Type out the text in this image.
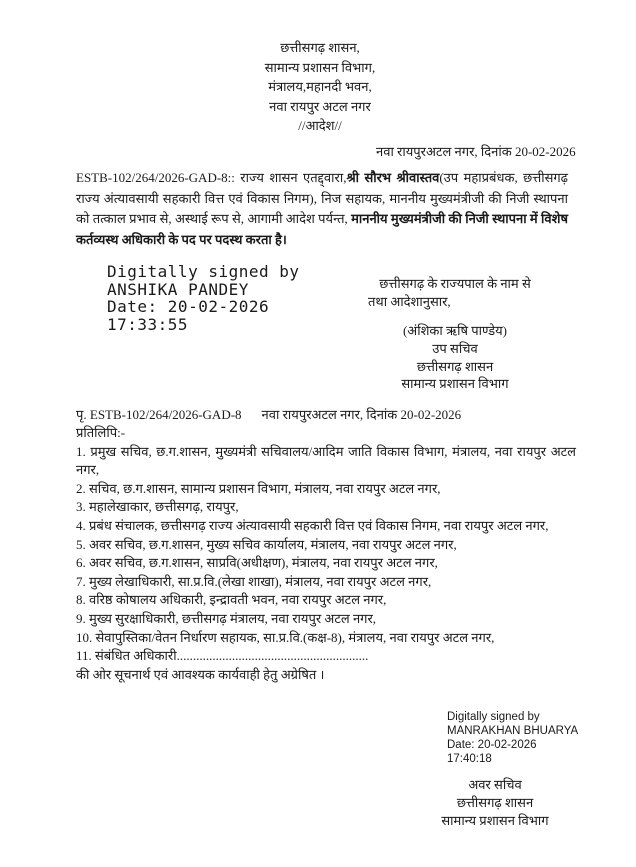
छत्तीसगढ़ शासन,
सामान्य प्रशासन विभाग,
मंत्रालय,महानदी भवन,
नवा रायपुर अटल नगर
//आदेश//
नवा रायपुरअटल नगर, दिनांक 20-02-2026
ESTB-102/264/2026-GAD-8:: राज्य शासन एतद्द्वारा,श्री सौरभ श्रीवास्तव(उप महाप्रबंधक, छत्तीसगढ़ राज्य अंत्यावसायी सहकारी वित्त एवं विकास निगम), निज सहायक, माननीय मुख्यमंत्रीजी की निजी स्थापना को तत्काल प्रभाव से, अस्थाई रूप से, आगामी आदेश पर्यन्त, माननीय मुख्यमंत्रीजी की निजी स्थापना में विशेष कर्तव्यस्थ अधिकारी के पद पर पदस्थ करता है।
Digitally signed by
ANSHIKA PANDEY
Date: 20-02-2026
17:33:55
छत्तीसगढ़ के राज्यपाल के नाम से
तथा आदेशानुसार,
(अंशिका ऋषि पाण्डेय)
उप सचिव
छत्तीसगढ़ शासन
सामान्य प्रशासन विभाग
पृ. ESTB-102/264/2026-GAD-8 नवा रायपुरअटल नगर, दिनांक 20-02-2026
प्रतिलिपि:-
1. प्रमुख सचिव, छ.ग.शासन, मुख्यमंत्री सचिवालय/आदिम जाति विकास विभाग, मंत्रालय, नवा रायपुर अटल नगर,
2. सचिव, छ.ग.शासन, सामान्य प्रशासन विभाग, मंत्रालय, नवा रायपुर अटल नगर,
3. महालेखाकार, छत्तीसगढ़, रायपुर,
4. प्रबंध संचालक, छत्तीसगढ़ राज्य अंत्यावसायी सहकारी वित्त एवं विकास निगम, नवा रायपुर अटल नगर,
5. अवर सचिव, छ.ग.शासन, मुख्य सचिव कार्यालय, मंत्रालय, नवा रायपुर अटल नगर,
6. अवर सचिव, छ.ग.शासन, साप्रवि(अधीक्षण), मंत्रालय, नवा रायपुर अटल नगर,
7. मुख्य लेखाधिकारी, सा.प्र.वि.(लेखा शाखा), मंत्रालय, नवा रायपुर अटल नगर,
8. वरिष्ठ कोषालय अधिकारी, इन्द्रावती भवन, नवा रायपुर अटल नगर,
9. मुख्य सुरक्षाधिकारी, छत्तीसगढ़ मंत्रालय, नवा रायपुर अटल नगर,
10. सेवापुस्तिका/वेतन निर्धारण सहायक, सा.प्र.वि.(कक्ष-8), मंत्रालय, नवा रायपुर अटल नगर,
11. संबंधित अधिकारी...........................................................
की ओर सूचनार्थ एवं आवश्यक कार्यवाही हेतु अग्रेषित ।
Digitally signed by
MANRAKHAN BHUARYA
Date: 20-02-2026
17:40:18
अवर सचिव
छत्तीसगढ़ शासन
सामान्य प्रशासन विभाग
